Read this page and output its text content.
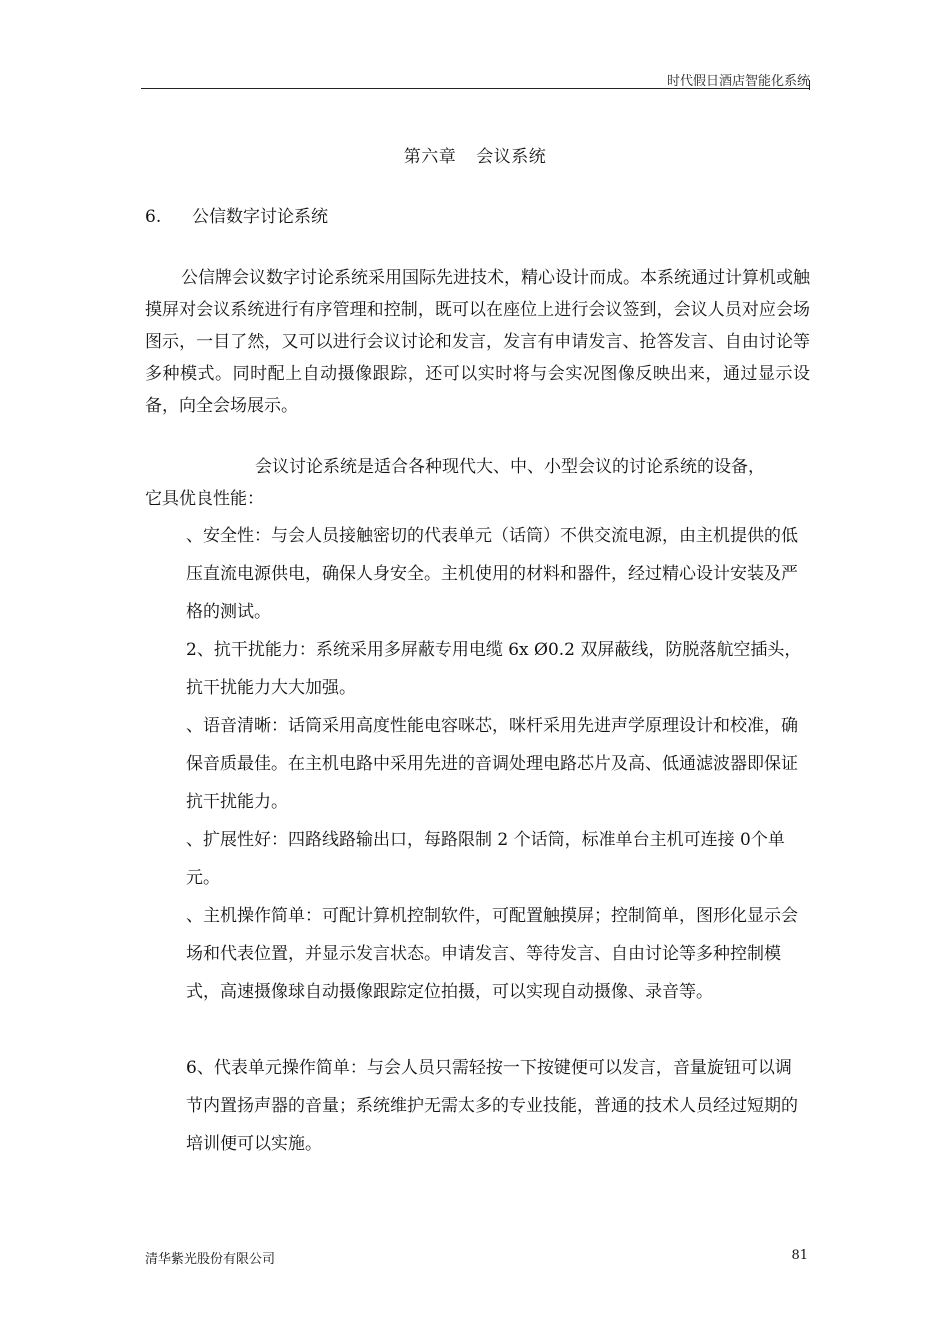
时代假日酒店智能化系统
第六章 会议系统
6. 公信数字讨论系统

公信牌会议数字讨论系统采用国际先进技术，精心设计而成。本系统通过计算机或触摸屏对会议系统进行有序管理和控制，既可以在座位上进行会议签到，会议人员对应会场图示，一目了然，又可以进行会议讨论和发言，发言有申请发言、抢答发言、自由讨论等多种模式。同时配上自动摄像跟踪，还可以实时将与会实况图像反映出来，通过显示设备，向全会场展示。

会议讨论系统是适合各种现代大、中、小型会议的讨论系统的设备，
它具优良性能：

、安全性：与会人员接触密切的代表单元（话筒）不供交流电源，由主机提供的低压直流电源供电，确保人身安全。主机使用的材料和器件，经过精心设计安装及严格的测试。

2、抗干扰能力：系统采用多屏蔽专用电缆 6x Ø0.2 双屏蔽线，防脱落航空插头，抗干扰能力大大加强。

、语音清晰：话筒采用高度性能电容咪芯，咪杆采用先进声学原理设计和校准，确保音质最佳。在主机电路中采用先进的音调处理电路芯片及高、低通滤波器即保证抗干扰能力。

、扩展性好：四路线路输出口，每路限制 2 个话筒，标准单台主机可连接 0个单元。

、主机操作简单：可配计算机控制软件，可配置触摸屏；控制简单，图形化显示会场和代表位置，并显示发言状态。申请发言、等待发言、自由讨论等多种控制模式，高速摄像球自动摄像跟踪定位拍摄，可以实现自动摄像、录音等。

6、代表单元操作简单：与会人员只需轻按一下按键便可以发言，音量旋钮可以调节内置扬声器的音量；系统维护无需太多的专业技能，普通的技术人员经过短期的培训便可以实施。

清华紫光股份有限公司	81
